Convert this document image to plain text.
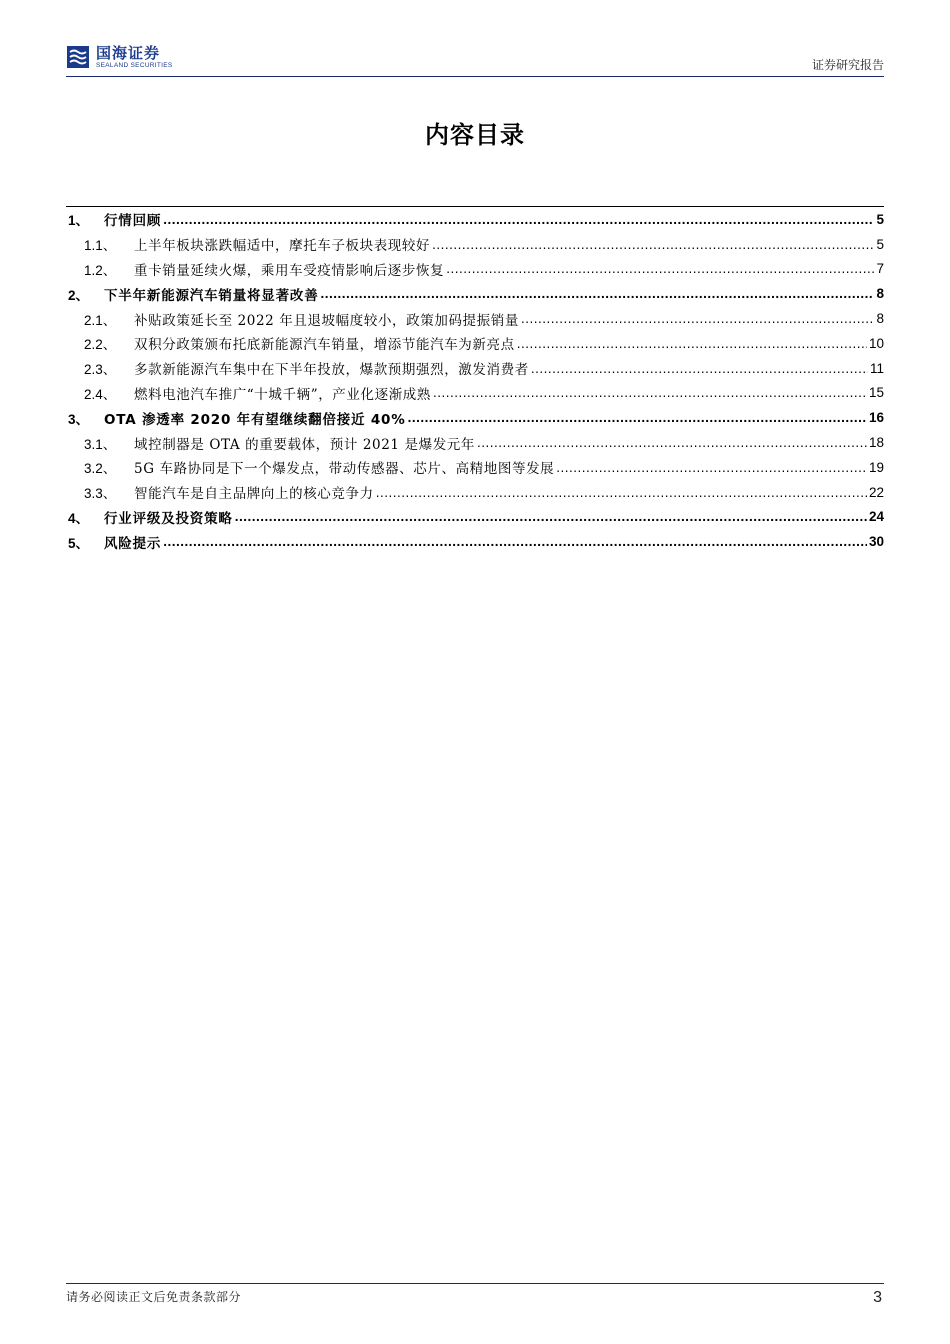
国海证券
SEALAND SECURITIES	证券研究报告
内容目录
1、	行情回顾 .....	5
1.1、	上半年板块涨跌幅适中，摩托车子板块表现较好 .....	5
1.2、	重卡销量延续火爆，乘用车受疫情影响后逐步恢复 .....	7
2、	下半年新能源汽车销量将显著改善 .....	8
2.1、	补贴政策延长至 2022 年且退坡幅度较小，政策加码提振销量 .....	8
2.2、	双积分政策颁布托底新能源汽车销量，增添节能汽车为新亮点 .....	10
2.3、	多款新能源汽车集中在下半年投放，爆款预期强烈，激发消费者 .....	11
2.4、	燃料电池汽车推广“十城千辆”，产业化逐渐成熟 .....	15
3、	OTA 渗透率 2020 年有望继续翻倍接近 40% .....	16
3.1、	域控制器是 OTA 的重要载体，预计 2021 是爆发元年 .....	18
3.2、	5G 车路协同是下一个爆发点，带动传感器、芯片、高精地图等发展 .....	19
3.3、	智能汽车是自主品牌向上的核心竞争力 .....	22
4、	行业评级及投资策略 .....	24
5、	风险提示 .....	30
请务必阅读正文后免责条款部分	3
